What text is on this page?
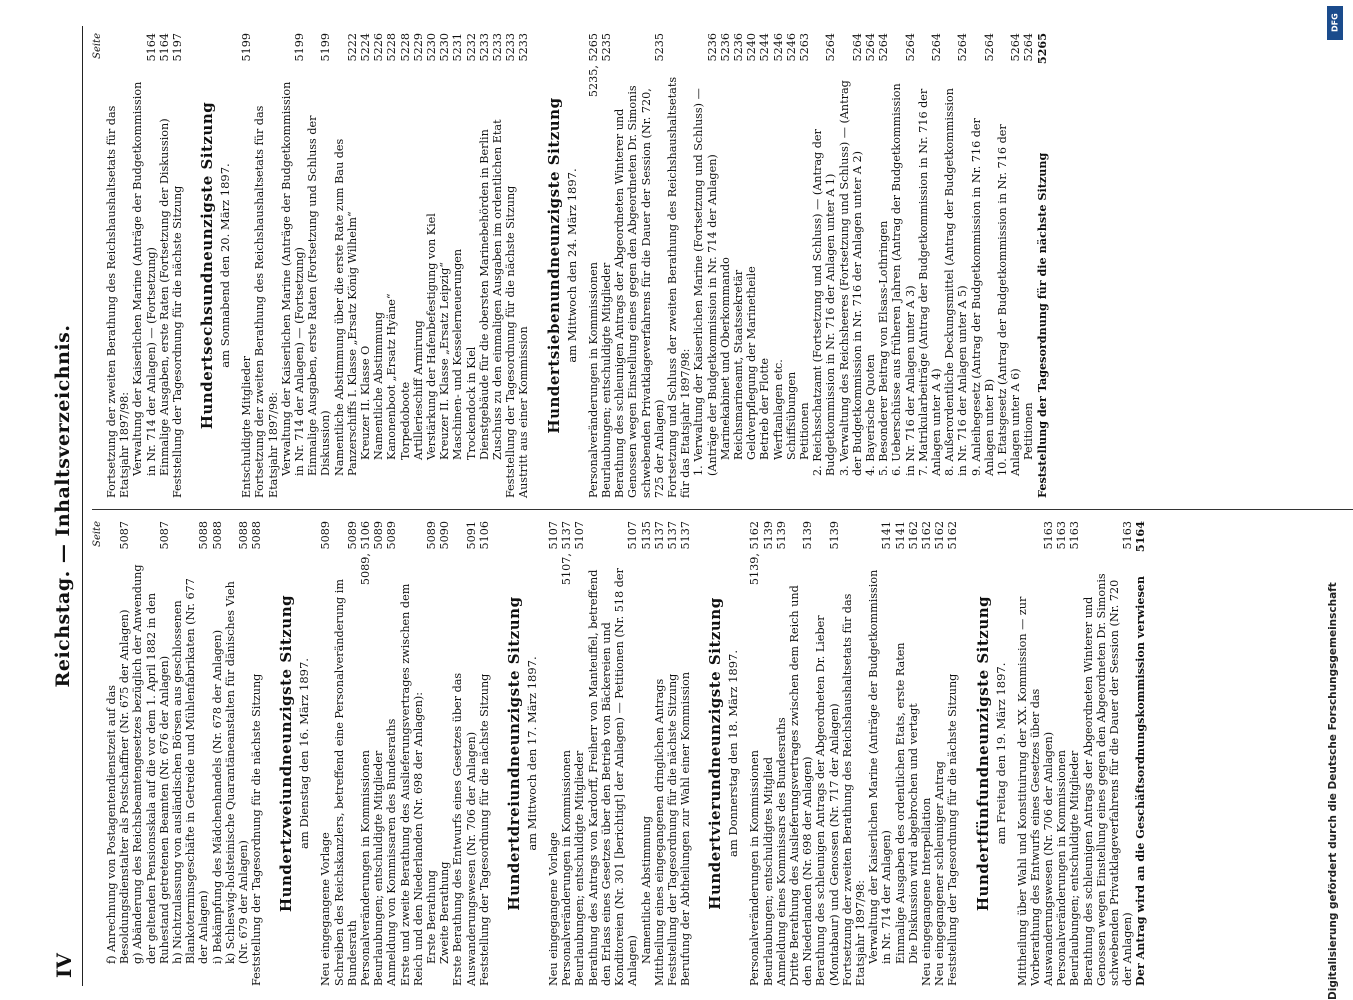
IV
Reichstag. — Inhaltsverzeichnis. Seite
f) Anrechnung von Postagentendienstzeit auf das Besoldungsdienstalter als Postschaffner (Nr. 675 der Anlagen)
5087
g) Abänderung des Reichsbeamtengesetzes bezüglich der Anwendung der geltenden Pensionsskala auf die vor dem 1. April 1882 in den Ruhestand getretenen Beamten (Nr. 676 der Anlagen)
5087
h) Nichtzulassung von ausländischen Börsen aus geschlossenen Blankoterminsgeschäfte in Getreide und Mühlenfabrikaten (Nr. 677 der Anlagen)
5088
i) Bekämpfung des Mädchenhandels (Nr. 678 der Anlagen)
5088
k) Schleswig-holsteinische Quarantäneanstalten für dänisches Vieh (Nr. 679 der Anlagen)
5088
Feststellung der Tagesordnung für die nächste Sitzung
5088
Hundertzweiundneunzigste Sitzung am Dienstag den 16. März 1897.
Neu eingegangene Vorlage
5089
Schreiben des Reichskanzlers, betreffend eine Personalveränderung im Bundesrath
5089
Personalveränderungen in Kommissionen
5089, 5106
Beurlaubungen; entschuldigte Mitglieder
5089
Anmeldung von Kommissaren des Bundesraths
5089
Erste und zweite Berathung des Auslieferungsvertrages zwischen dem Reich und den Niederlanden (Nr. 698 der Anlagen): Erste Berathung
5089
Zweite Berathung
5090
Erste Berathung des Entwurfs eines Gesetzes über das Auswanderungswesen (Nr. 706 der Anlagen)
5091
Feststellung der Tagesordnung für die nächste Sitzung
5106
Hundertdreiundneunzigste Sitzung am Mittwoch den 17. März 1897.
Neu eingegangene Vorlage
5107
Personalveränderungen in Kommissionen
5107, 5137
Beurlaubungen; entschuldigte Mitglieder
5107
Berathung des Antrags von Kardorff, Freiherr von Manteuffel, betreffend den Erlass eines Gesetzes über den Betrieb von Bäckereien und Konditoreien (Nr. 301 [berichtigt] der Anlagen) — Petitionen (Nr. 518 der Anlagen)
5107
Namentliche Abstimmung
5135
Mittheilung eines eingegangenen dringlichen Antrags
5137
Feststellung der Tagesordnung für die nächste Sitzung
5137
Berufung der Abtheilungen zur Wahl einer Kommission
5137
Hundertvierundneunzigste Sitzung am Donnerstag den 18. März 1897. Personalveränderungen in Kommissionen
5139, 5162
Beurlaubungen; entschuldigtes Mitglied
5139
Anmeldung eines Kommissars des Bundesraths
5139
Dritte Berathung des Auslieferungsvertrages zwischen dem Reich und den Niederlanden (Nr. 698 der Anlagen)
5139
Berathung des schleunigen Antrags der Abgeordneten Dr. Lieber (Montabaur) und Genossen (Nr. 717 der Anlagen)
5139
Fortsetzung der zweiten Berathung des Reichshaushaltsetats für das Etatsjahr 1897/98: Verwaltung der Kaiserlichen Marine (Anträge der Budgetkommission in Nr. 714 der Anlagen)
5141
Einmalige Ausgaben des ordentlichen Etats, erste Raten
5141
Die Diskussion wird abgebrochen und vertagt
5162
Neu eingegangene Interpellation
5162
Neu eingegangener schleuniger Antrag
5162
Feststellung der Tagesordnung für die nächste Sitzung
5162
Hundertfünfundneunzigste Sitzung am Freitag den 19. März 1897. Mittheilung über Wahl und Konstituirung der XX. Kommission — zur Vorberathung des Entwurfs eines Gesetzes über das Auswanderungswesen (Nr. 706 der Anlagen)
5163
Personalveränderungen in Kommissionen
5163
Beurlaubungen; entschuldigte Mitglieder
5163
Berathung des schleunigen Antrags der Abgeordneten Winterer und Genossen wegen Einstellung eines gegen den Abgeordneten Dr. Simonis schwebenden Privatklageverfahrens für die Dauer der Session (Nr. 720 der Anlagen)
5163
Der Antrag wird an die Geschäftsordnungskommission verwiesen
5164
Seite
Fortsetzung der zweiten Berathung des Reichshaushaltsetats für das Etatsjahr 1897/98: Verwaltung der Kaiserlichen Marine (Anträge der Budgetkommission in Nr. 714 der Anlagen) — (Fortsetzung)
5164
Einmalige Ausgaben, erste Raten (Fortsetzung der Diskussion)
5164
Feststellung der Tagesordnung für die nächste Sitzung
5197
Hundertsechsundneunzigste Sitzung am Sonnabend den 20. März 1897.
Entschuldigte Mitglieder
5199
Fortsetzung der zweiten Berathung des Reichshaushaltsetats für das Etatsjahr 1897/98: Verwaltung der Kaiserlichen Marine (Anträge der Budgetkommission in Nr. 714 der Anlagen) — (Fortsetzung)
5199
Einmalige Ausgaben, erste Raten (Fortsetzung und Schluss der Diskussion)
5199
Namentliche Abstimmung über die erste Rate zum Bau des Panzerschiffs I. Klasse „Ersatz König Wilhelm“
5222
Kreuzer II. Klasse O
5224
Namentliche Abstimmung
5226
Kanonenboot „Ersatz Hyäne“
5228
Torpedoboote
5228
Artillerieschiff Armirung
5229
Verstärkung der Hafenbefestigung von Kiel
5230
Kreuzer II. Klasse „Ersatz Leipzig“
5230
Maschinen- und Kesselerneuerungen
5231
Trockendock in Kiel
5232
Dienstgebäude für die obersten Marinebehörden in Berlin
5233
Zuschuss zu den einmaligen Ausgaben im ordentlichen Etat
5233
Feststellung der Tagesordnung für die nächste Sitzung
5233
Austritt aus einer Kommission
5233
Hundertsiebenundneunzigste Sitzung am Mittwoch den 24. März 1897. Personalveränderungen in Kommissionen
5235, 5265
Beurlaubungen; entschuldigte Mitglieder
5235
Berathung des schleunigen Antrags der Abgeordneten Winterer und Genossen wegen Einstellung eines gegen den Abgeordneten Dr. Simonis schwebenden Privatklageverfahrens für die Dauer der Session (Nr. 720, 725 der Anlagen)
5235
Fortsetzung und Schluss der zweiten Berathung des Reichshaushaltsetats für das Etatsjahr 1897/98: 1. Verwaltung der Kaiserlichen Marine (Fortsetzung und Schluss) — (Anträge der Budgetkommission in Nr. 714 der Anlagen)
5236
Marinekabinet und Oberkommando
5236
Reichsmarineamt, Staatssekretär
5236
Geldverpflegung der Marinetheile
5240
Betrieb der Flotte
5244
Werftanlagen etc.
5246
Schiffsübungen
5246
Petitionen
5263
2. Reichsschatzamt (Fortsetzung und Schluss) — (Antrag der Budgetkommission in Nr. 716 der Anlagen unter A 1)
5264
3. Verwaltung des Reichsheeres (Fortsetzung und Schluss) — (Antrag der Budgetkommission in Nr. 716 der Anlagen unter A 2)
5264
4. Bayerische Quoten
5264
5. Besonderer Beitrag von Elsass-Lothringen
5264
6. Ueberschüsse aus früheren Jahren (Antrag der Budgetkommission in Nr. 716 der Anlagen unter A 3)
5264
7. Matrikularbeiträge (Antrag der Budgetkommission in Nr. 716 der Anlagen unter A 4)
5264
8. Außerordentliche Deckungsmittel (Antrag der Budgetkommission in Nr. 716 der Anlagen unter A 5)
5264
9. Anleihegesetz (Antrag der Budgetkommission in Nr. 716 der Anlagen unter B)
5264
10. Etatsgesetz (Antrag der Budgetkommission in Nr. 716 der Anlagen unter A 6)
5264
Petitionen
5264
Feststellung der Tagesordnung für die nächste Sitzung
5265
Digitalisierung gefördert durch die Deutsche Forschungsgemeinschaft
DFG
